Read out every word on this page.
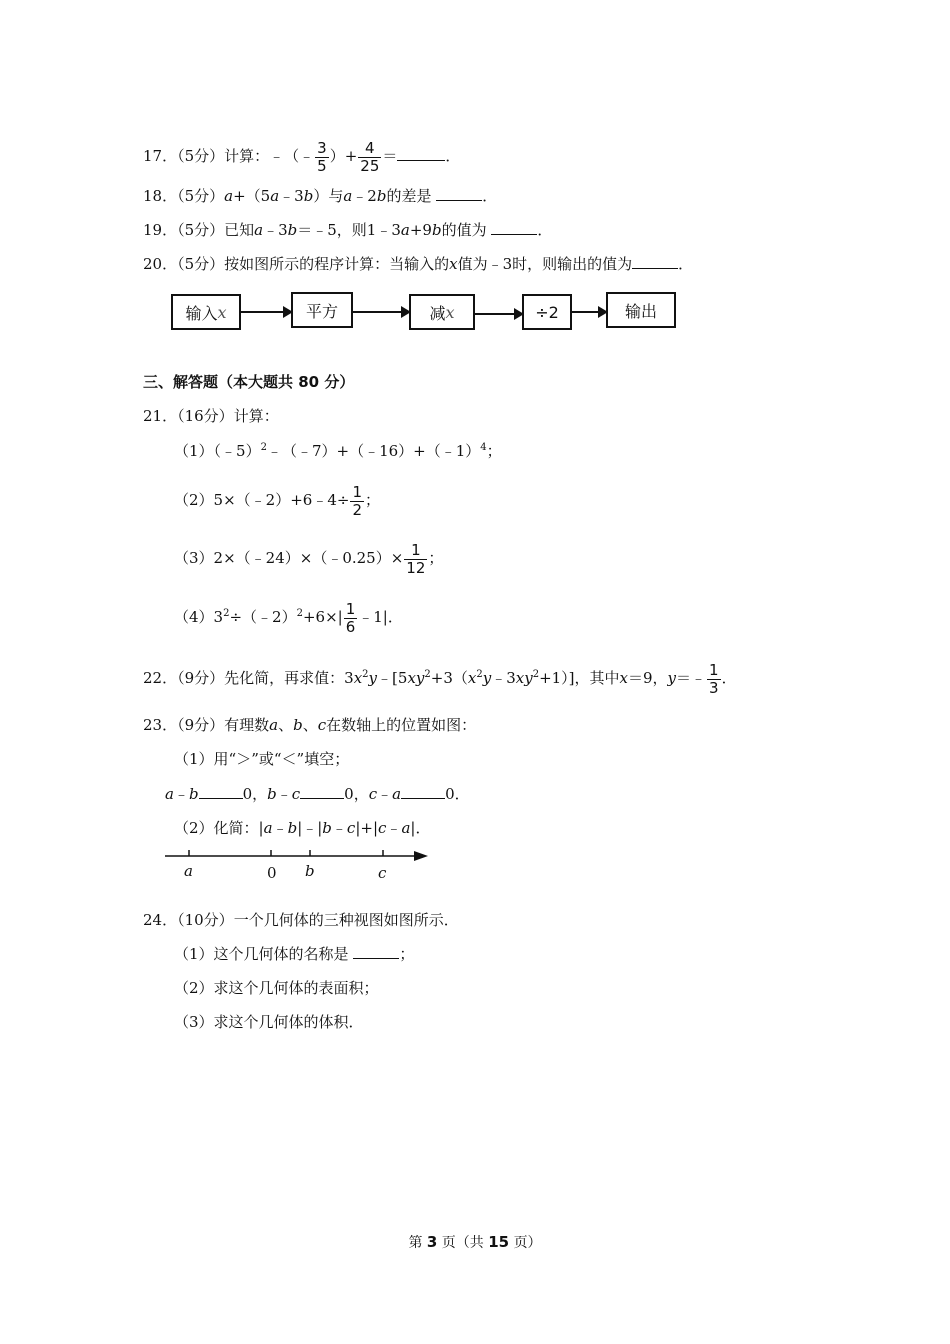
17．（5分）计算：﹣（﹣ $\frac{3}{5}$ ）+ $\frac{4}{25}$ ＝	．
18．（5分）a+（5a﹣3b）与a﹣2b的差是	．
19．（5分）已知a﹣3b＝﹣5，则1﹣3a+9b的值为	．
20．（5分）按如图所示的程序计算：当输入的x值为﹣3时，则输出的值为	．
输入 x	平方	减 x	÷2	输出
三、解答题（本大题共 80 分）
21．（16分）计算：
（1）（﹣5）$^2$﹣（﹣7）+（﹣16）+（﹣1）$^4$；
（2）5×（﹣2）+6﹣4÷ $\frac{1}{2}$ ；
（3）2×（﹣24）×（﹣0.25）× $\frac{1}{12}$ ；
$(4)3^2\div(﹣2)^2+6\times| \frac{1}{6}$ ﹣1|．
22．（9分）先化简，再求值：$3x^2y﹣[5xy^2+3(x^2y﹣3xy^2+1)]$，其中x＝9，y＝﹣ $\frac{1}{3}$ ．
23．（9分）有理数a、b、c在数轴上的位置如图：
（1）用“＞”或“＜”填空；
a﹣b	0，b﹣c	0，c﹣a	0．
（2）化简：|a﹣b|﹣|b﹣c|+|c﹣a|．
a	0 b	c
24．（10分）一个几何体的三种视图如图所示．
（1）这个几何体的名称是	；
（2）求这个几何体的表面积；
（3）求这个几何体的体积．
第 3 页（共 15 页）
